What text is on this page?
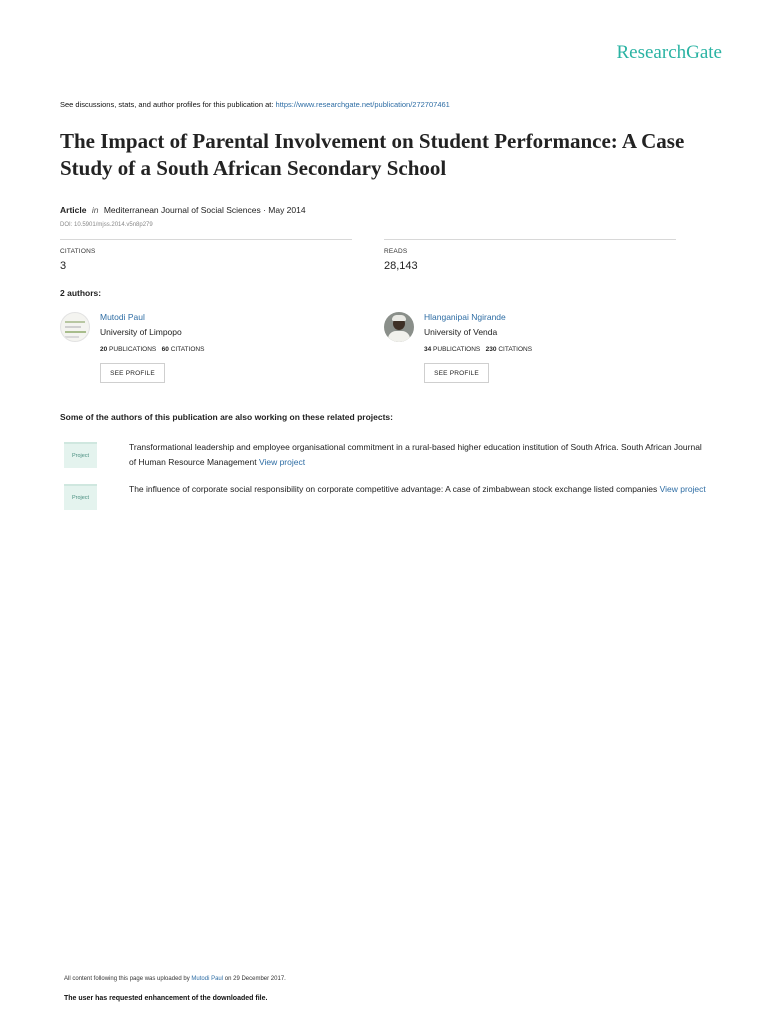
ResearchGate
See discussions, stats, and author profiles for this publication at: https://www.researchgate.net/publication/272707461
The Impact of Parental Involvement on Student Performance: A Case Study of a South African Secondary School
Article in Mediterranean Journal of Social Sciences · May 2014
DOI: 10.5901/mjss.2014.v5n8p279
CITATIONS
3
READS
28,143
2 authors:
Mutodi Paul
University of Limpopo
20 PUBLICATIONS 60 CITATIONS
SEE PROFILE
Hlanganipai Ngirande
University of Venda
34 PUBLICATIONS 230 CITATIONS
SEE PROFILE
Some of the authors of this publication are also working on these related projects:
Project
Transformational leadership and employee organisational commitment in a rural-based higher education institution of South Africa. South African Journal of Human Resource Management View project
Project
The influence of corporate social responsibility on corporate competitive advantage: A case of zimbabwean stock exchange listed companies View project
All content following this page was uploaded by Mutodi Paul on 29 December 2017.
The user has requested enhancement of the downloaded file.
